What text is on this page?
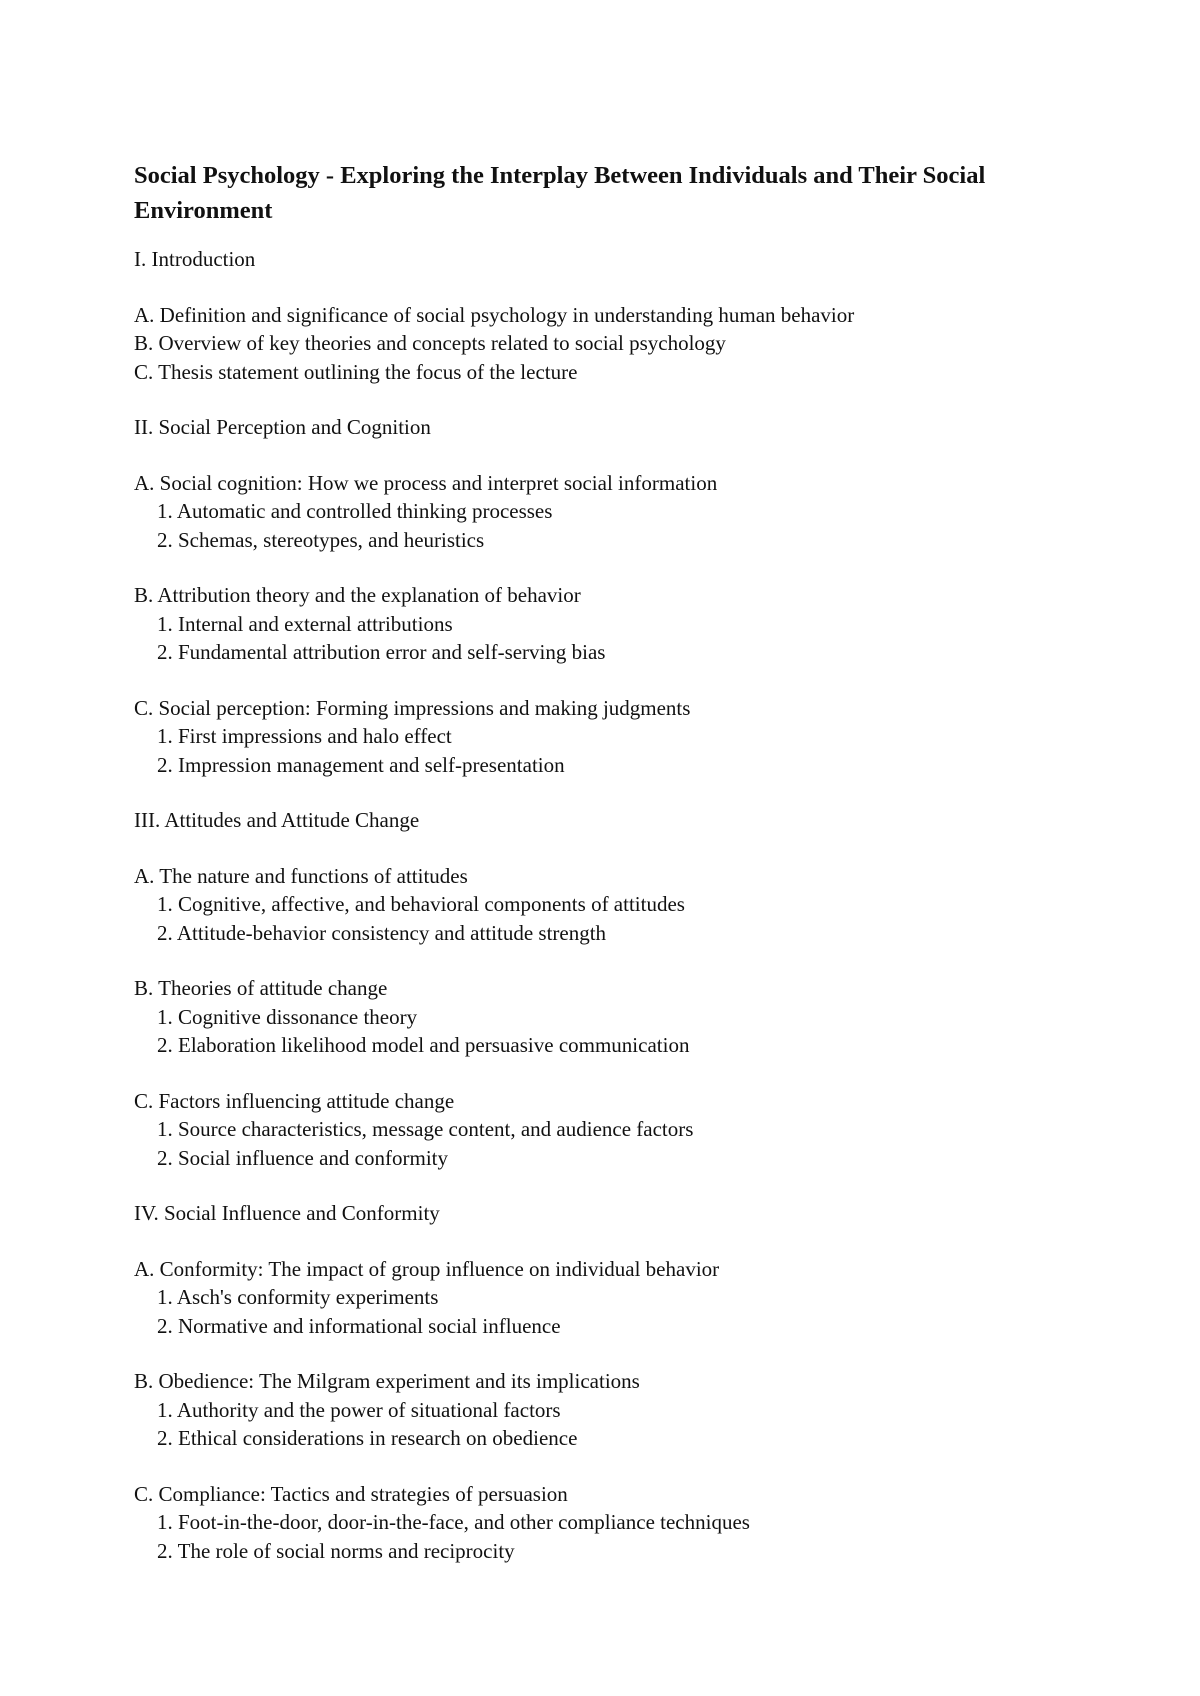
Social Psychology - Exploring the Interplay Between Individuals and Their Social Environment
I. Introduction
A. Definition and significance of social psychology in understanding human behavior
B. Overview of key theories and concepts related to social psychology
C. Thesis statement outlining the focus of the lecture
II. Social Perception and Cognition
A. Social cognition: How we process and interpret social information
1. Automatic and controlled thinking processes
2. Schemas, stereotypes, and heuristics
B. Attribution theory and the explanation of behavior
1. Internal and external attributions
2. Fundamental attribution error and self-serving bias
C. Social perception: Forming impressions and making judgments
1. First impressions and halo effect
2. Impression management and self-presentation
III. Attitudes and Attitude Change
A. The nature and functions of attitudes
1. Cognitive, affective, and behavioral components of attitudes
2. Attitude-behavior consistency and attitude strength
B. Theories of attitude change
1. Cognitive dissonance theory
2. Elaboration likelihood model and persuasive communication
C. Factors influencing attitude change
1. Source characteristics, message content, and audience factors
2. Social influence and conformity
IV. Social Influence and Conformity
A. Conformity: The impact of group influence on individual behavior
1. Asch's conformity experiments
2. Normative and informational social influence
B. Obedience: The Milgram experiment and its implications
1. Authority and the power of situational factors
2. Ethical considerations in research on obedience
C. Compliance: Tactics and strategies of persuasion
1. Foot-in-the-door, door-in-the-face, and other compliance techniques
2. The role of social norms and reciprocity
